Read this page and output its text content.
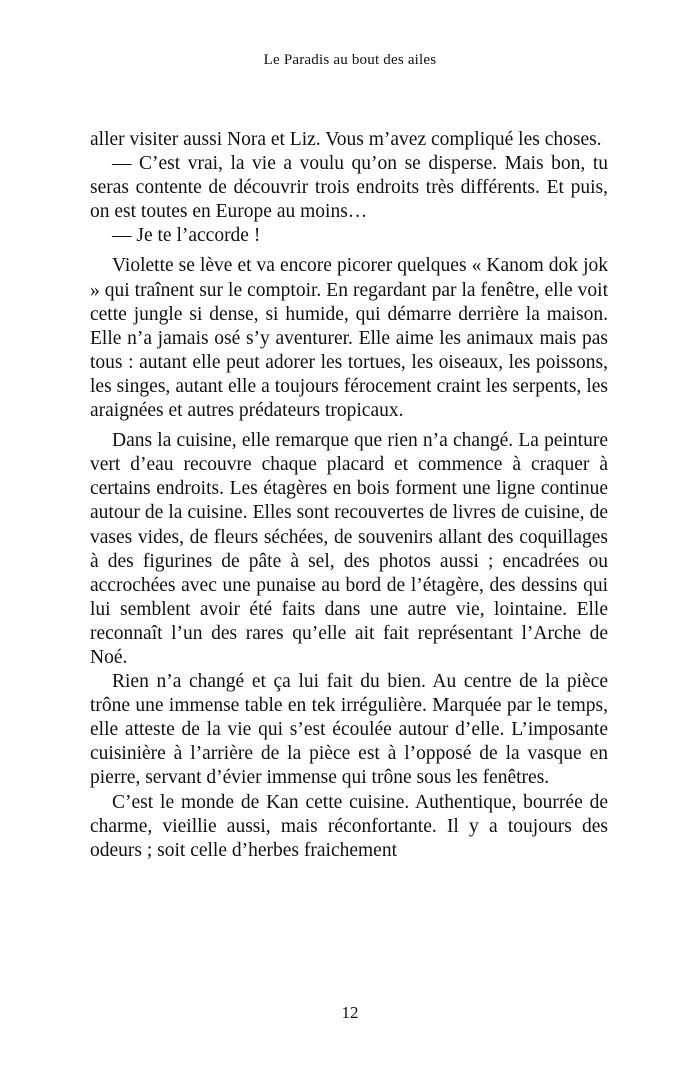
Le Paradis au bout des ailes

aller visiter aussi Nora et Liz. Vous m’avez compliqué les choses.

— C’est vrai, la vie a voulu qu’on se disperse. Mais bon, tu seras contente de découvrir trois endroits très différents. Et puis, on est toutes en Europe au moins…

— Je te l’accorde !

Violette se lève et va encore picorer quelques « Kanom dok jok » qui traînent sur le comptoir. En regardant par la fenêtre, elle voit cette jungle si dense, si humide, qui démarre derrière la maison. Elle n’a jamais osé s’y aventurer. Elle aime les animaux mais pas tous : autant elle peut adorer les tortues, les oiseaux, les poissons, les singes, autant elle a toujours férocement craint les serpents, les araignées et autres prédateurs tropicaux.

Dans la cuisine, elle remarque que rien n’a changé. La peinture vert d’eau recouvre chaque placard et commence à craquer à certains endroits. Les étagères en bois forment une ligne continue autour de la cuisine. Elles sont recouvertes de livres de cuisine, de vases vides, de fleurs séchées, de souvenirs allant des coquillages à des figurines de pâte à sel, des photos aussi ; encadrées ou accrochées avec une punaise au bord de l’étagère, des dessins qui lui semblent avoir été faits dans une autre vie, lointaine. Elle reconnaît l’un des rares qu’elle ait fait représentant l’Arche de Noé.

Rien n’a changé et ça lui fait du bien. Au centre de la pièce trône une immense table en tek irrégulière. Marquée par le temps, elle atteste de la vie qui s’est écoulée autour d’elle. L’imposante cuisinière à l’arrière de la pièce est à l’opposé de la vasque en pierre, servant d’évier immense qui trône sous les fenêtres.

C’est le monde de Kan cette cuisine. Authentique, bourrée de charme, vieillie aussi, mais réconfortante. Il y a toujours des odeurs ; soit celle d’herbes fraichement

12
